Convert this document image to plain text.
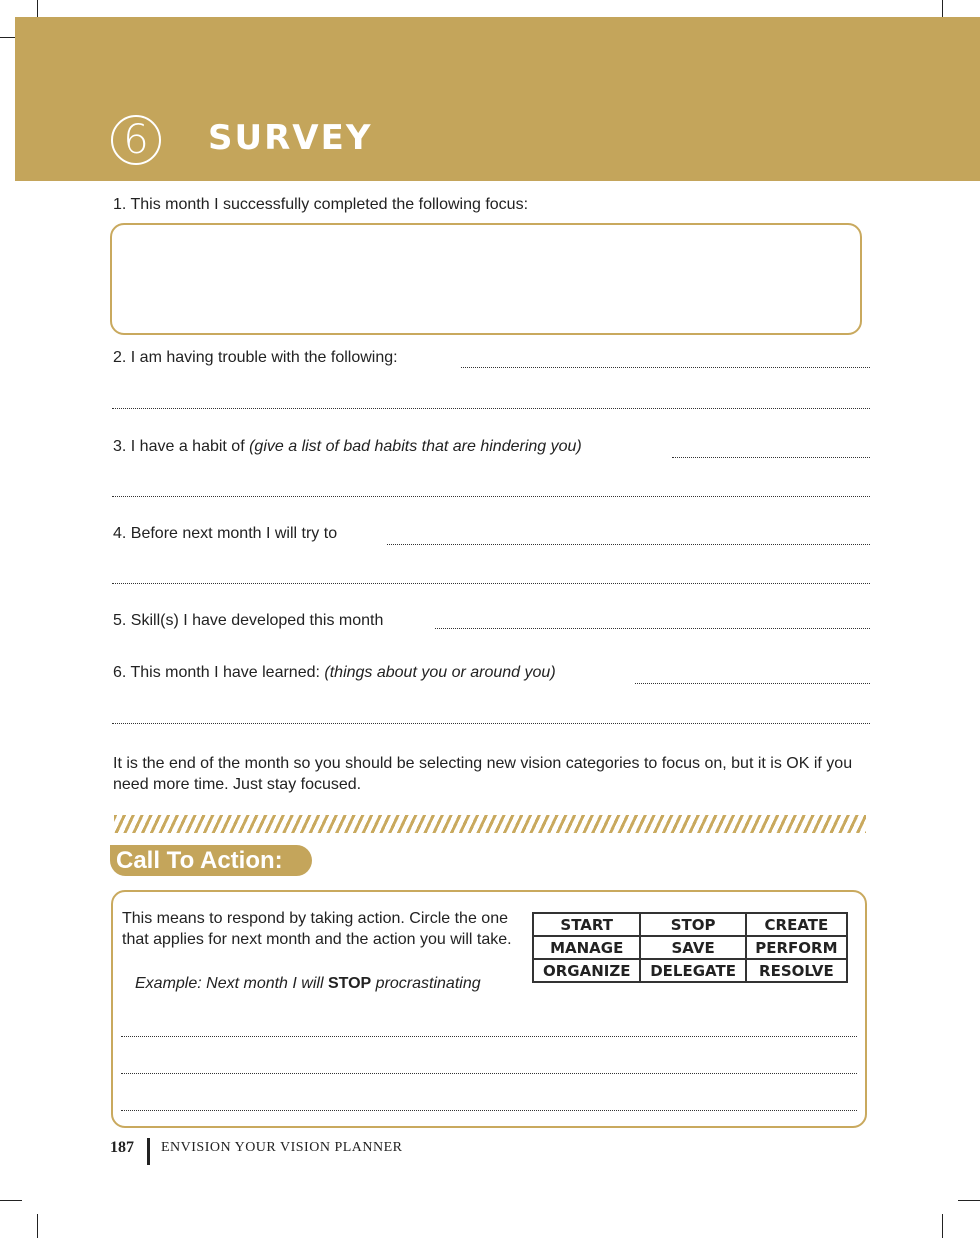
6	SURVEY
1. This month I successfully completed the following focus:
2. I am having trouble with the following:
3. I have a habit of (give a list of bad habits that are hindering you)
4. Before next month I will try to
5. Skill(s) I have developed this month
6. This month I have learned: (things about you or around you)
It is the end of the month so you should be selecting new vision categories to focus on, but it is OK if you need more time. Just stay focused.
Call To Action:
This means to respond by taking action. Circle the one that applies for next month and the action you will take.
Example: Next month I will STOP procrastinating
START	STOP	CREATE
MANAGE	SAVE	PERFORM
ORGANIZE	DELEGATE	RESOLVE
187 ENVISION YOUR VISION PLANNER
